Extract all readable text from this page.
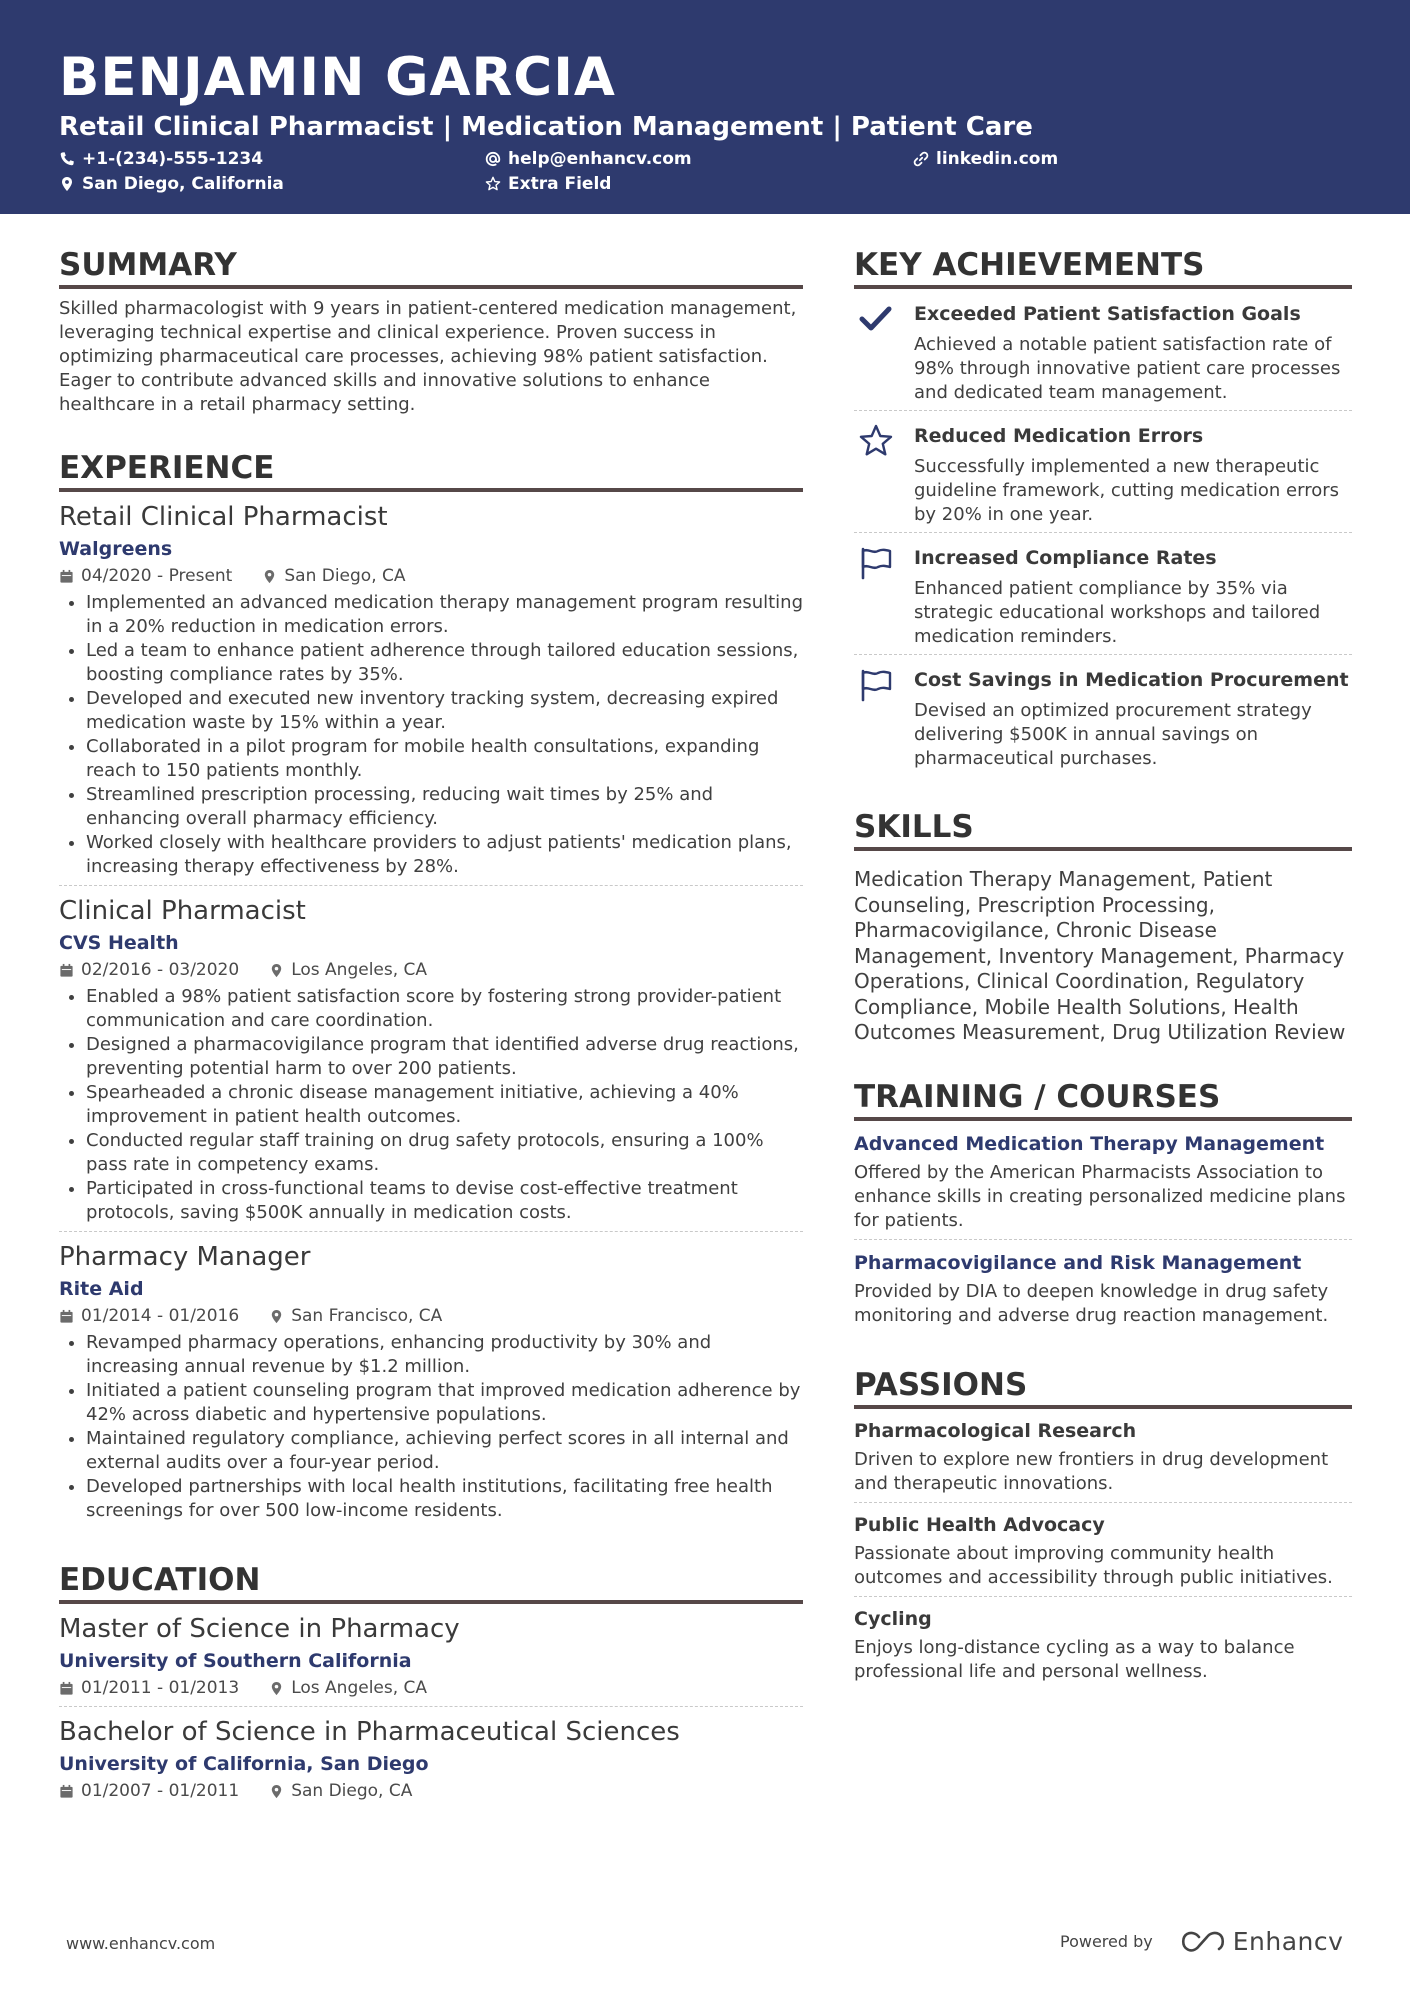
BENJAMIN GARCIA
Retail Clinical Pharmacist | Medication Management | Patient Care
+1-(234)-555-1234	help@enhancv.com	linkedin.com
San Diego, California	Extra Field
SUMMARY

Skilled pharmacologist with 9 years in patient-centered medication management, leveraging technical expertise and clinical experience. Proven success in optimizing pharmaceutical care processes, achieving 98% patient satisfaction. Eager to contribute advanced skills and innovative solutions to enhance healthcare in a retail pharmacy setting.

EXPERIENCE
Retail Clinical Pharmacist
Walgreens
04/2020 - Present	San Diego, CA
• Implemented an advanced medication therapy management program resulting in a 20% reduction in medication errors.
• Led a team to enhance patient adherence through tailored education sessions, boosting compliance rates by 35%.
• Developed and executed new inventory tracking system, decreasing expired medication waste by 15% within a year.
• Collaborated in a pilot program for mobile health consultations, expanding reach to 150 patients monthly.
• Streamlined prescription processing, reducing wait times by 25% and enhancing overall pharmacy efficiency.
• Worked closely with healthcare providers to adjust patients' medication plans, increasing therapy effectiveness by 28%.
Clinical Pharmacist
CVS Health
02/2016 - 03/2020	Los Angeles, CA
• Enabled a 98% patient satisfaction score by fostering strong provider-patient communication and care coordination.
• Designed a pharmacovigilance program that identified adverse drug reactions, preventing potential harm to over 200 patients.
• Spearheaded a chronic disease management initiative, achieving a 40% improvement in patient health outcomes.
• Conducted regular staff training on drug safety protocols, ensuring a 100% pass rate in competency exams.
• Participated in cross-functional teams to devise cost-effective treatment protocols, saving $500K annually in medication costs.
Pharmacy Manager
Rite Aid
01/2014 - 01/2016	San Francisco, CA
• Revamped pharmacy operations, enhancing productivity by 30% and increasing annual revenue by $1.2 million.
• Initiated a patient counseling program that improved medication adherence by 42% across diabetic and hypertensive populations.
• Maintained regulatory compliance, achieving perfect scores in all internal and external audits over a four-year period.
• Developed partnerships with local health institutions, facilitating free health screenings for over 500 low-income residents.
EDUCATION
Master of Science in Pharmacy
University of Southern California
01/2011 - 01/2013	Los Angeles, CA
Bachelor of Science in Pharmaceutical Sciences
University of California, San Diego
01/2007 - 01/2011	San Diego, CA
KEY ACHIEVEMENTS
Exceeded Patient Satisfaction Goals
Achieved a notable patient satisfaction rate of 98% through innovative patient care processes and dedicated team management.
Reduced Medication Errors
Successfully implemented a new therapeutic guideline framework, cutting medication errors by 20% in one year.
Increased Compliance Rates
Enhanced patient compliance by 35% via strategic educational workshops and tailored medication reminders.
Cost Savings in Medication Procurement
Devised an optimized procurement strategy delivering $500K in annual savings on pharmaceutical purchases.
SKILLS
Medication Therapy Management, Patient Counseling, Prescription Processing, Pharmacovigilance, Chronic Disease Management, Inventory Management, Pharmacy Operations, Clinical Coordination, Regulatory Compliance, Mobile Health Solutions, Health Outcomes Measurement, Drug Utilization Review
TRAINING / COURSES
Advanced Medication Therapy Management
Offered by the American Pharmacists Association to enhance skills in creating personalized medicine plans for patients.
Pharmacovigilance and Risk Management
Provided by DIA to deepen knowledge in drug safety monitoring and adverse drug reaction management.
PASSIONS
Pharmacological Research
Driven to explore new frontiers in drug development and therapeutic innovations.
Public Health Advocacy
Passionate about improving community health outcomes and accessibility through public initiatives.
Cycling
Enjoys long-distance cycling as a way to balance professional life and personal wellness.
www.enhancv.com	Powered by	Enhancv
